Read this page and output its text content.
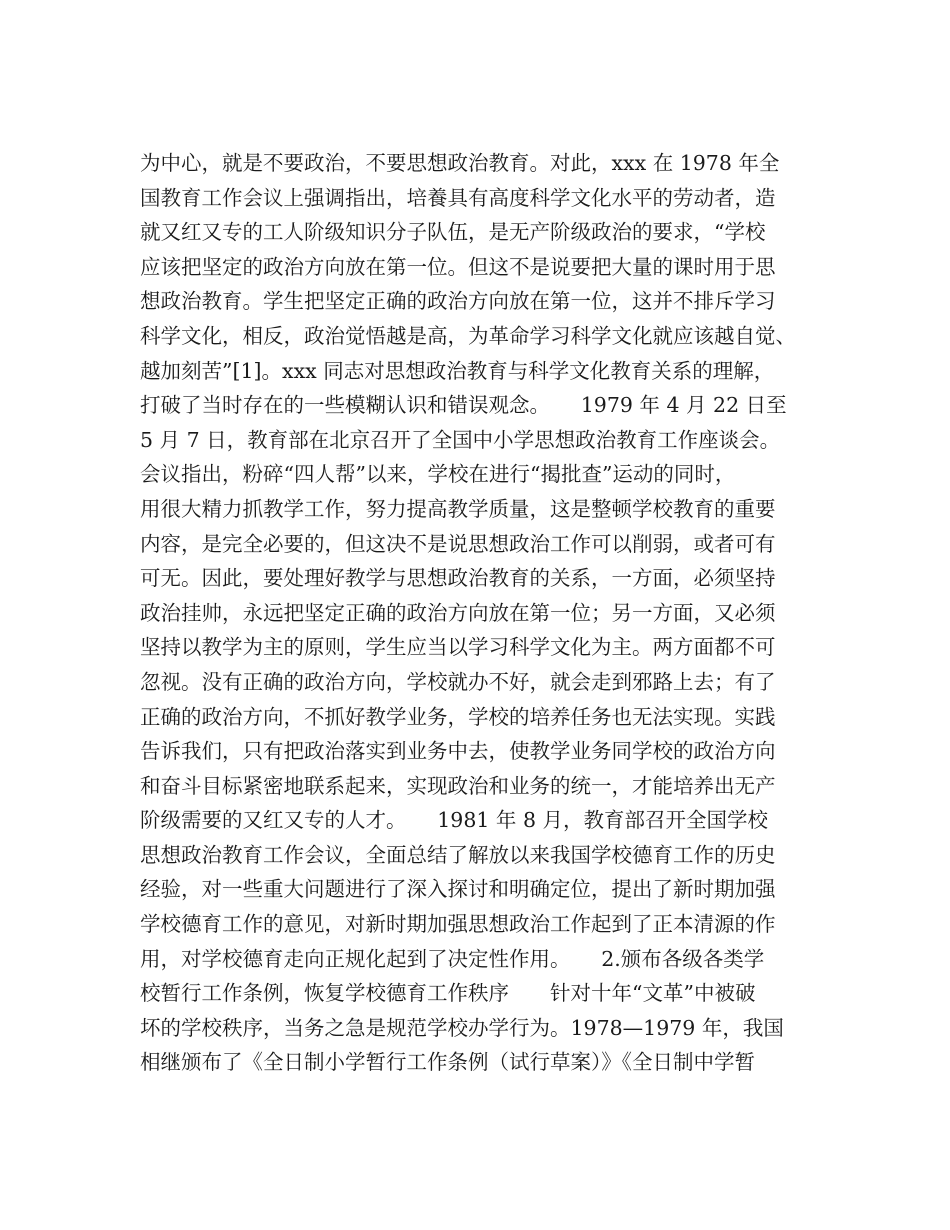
为中心，就是不要政治，不要思想政治教育。对此，xxx 在 1978 年全
国教育工作会议上强调指出，培養具有高度科学文化水平的劳动者，造
就又红又专的工人阶级知识分子队伍，是无产阶级政治的要求，“学校
应该把坚定的政治方向放在第一位。但这不是说要把大量的课时用于思
想政治教育。学生把坚定正确的政治方向放在第一位，这并不排斥学习
科学文化，相反，政治觉悟越是高，为革命学习科学文化就应该越自觉、
越加刻苦”[1]。xxx 同志对思想政治教育与科学文化教育关系的理解，
打破了当时存在的一些模糊认识和错误观念。　　1979 年 4 月 22 日至
5 月 7 日，教育部在北京召开了全国中小学思想政治教育工作座谈会。
会议指出，粉碎“四人帮”以来，学校在进行“揭批查”运动的同时，
用很大精力抓教学工作，努力提高教学质量，这是整顿学校教育的重要
内容，是完全必要的，但这决不是说思想政治工作可以削弱，或者可有
可无。因此，要处理好教学与思想政治教育的关系，一方面，必须坚持
政治挂帅，永远把坚定正确的政治方向放在第一位；另一方面，又必须
坚持以教学为主的原则，学生应当以学习科学文化为主。两方面都不可
忽视。没有正确的政治方向，学校就办不好，就会走到邪路上去；有了
正确的政治方向，不抓好教学业务，学校的培养任务也无法实现。实践
告诉我们，只有把政治落实到业务中去，使教学业务同学校的政治方向
和奋斗目标紧密地联系起来，实现政治和业务的统一，才能培养出无产
阶级需要的又红又专的人才。　　1981 年 8 月，教育部召开全国学校
思想政治教育工作会议，全面总结了解放以来我国学校德育工作的历史
经验，对一些重大问题进行了深入探讨和明确定位，提出了新时期加强
学校德育工作的意见，对新时期加强思想政治工作起到了正本清源的作
用，对学校德育走向正规化起到了决定性作用。　　2.颁布各级各类学
校暂行工作条例，恢复学校德育工作秩序　　针对十年“文革”中被破
坏的学校秩序，当务之急是规范学校办学行为。1978—1979 年，我国
相继颁布了《全日制小学暂行工作条例（试行草案）》《全日制中学暂
